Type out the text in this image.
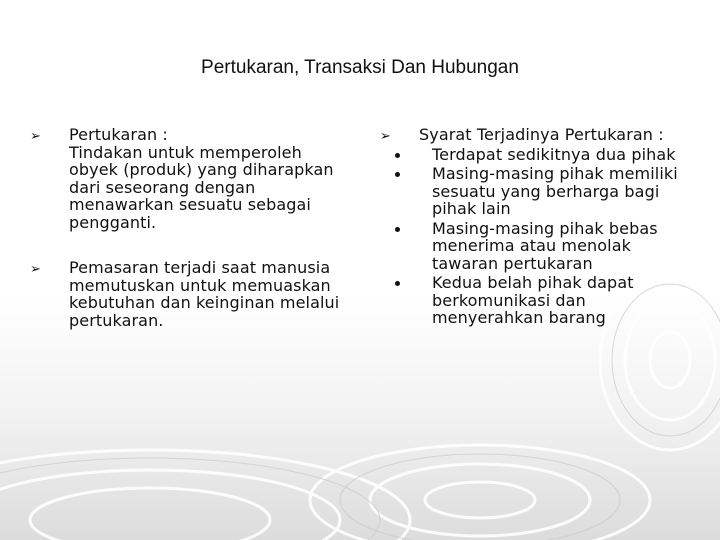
Pertukaran, Transaksi Dan Hubungan
➢ Pertukaran :
Tindakan untuk memperoleh obyek (produk) yang diharapkan dari seseorang dengan menawarkan sesuatu sebagai pengganti.
➢ Pemasaran terjadi saat manusia memutuskan untuk memuaskan kebutuhan dan keinginan melalui pertukaran.
➢ Syarat Terjadinya Pertukaran :
Terdapat sedikitnya dua pihak
Masing-masing pihak memiliki sesuatu yang berharga bagi pihak lain
Masing-masing pihak bebas menerima atau menolak tawaran pertukaran
Kedua belah pihak dapat berkomunikasi dan menyerahkan barang
